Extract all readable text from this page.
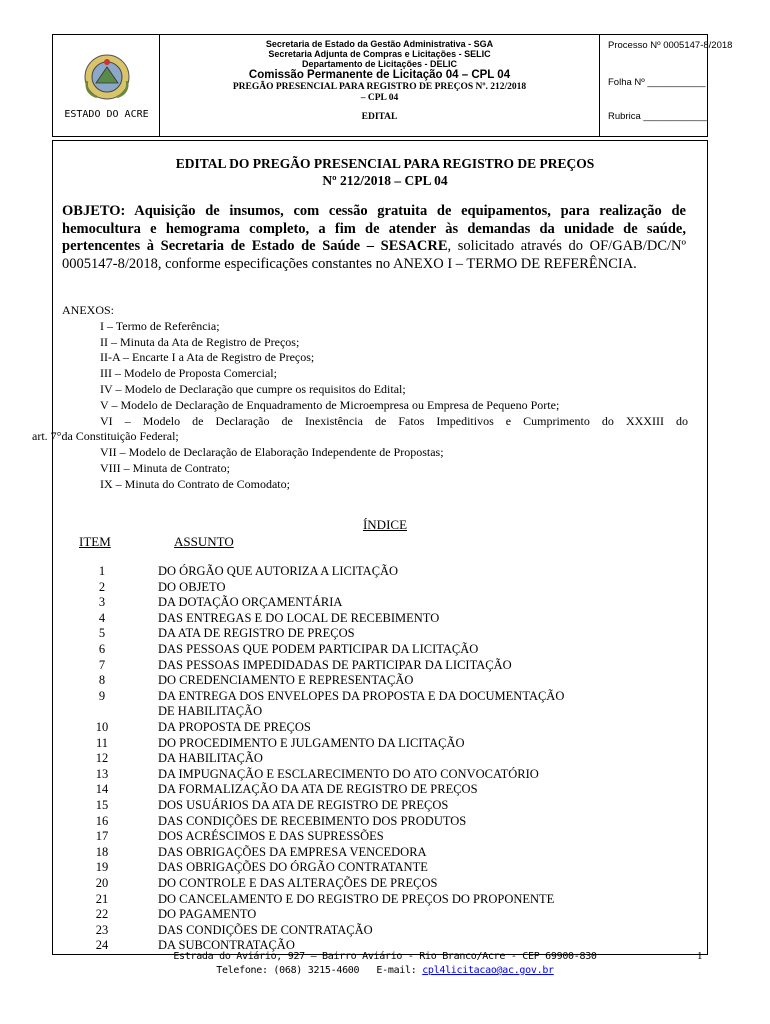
ESTADO DO ACRE
Secretaria de Estado da Gestão Administrativa - SGA
Secretaria Adjunta de Compras e Licitações - SELIC
Departamento de Licitações - DELIC
Comissão Permanente de Licitação 04 – CPL 04
PREGÃO PRESENCIAL PARA REGISTRO DE PREÇOS Nº. 212/2018
– CPL 04
EDITAL
Processo Nº 0005147-8/2018
Folha Nº ___________
Rubrica ____________
EDITAL DO PREGÃO PRESENCIAL PARA REGISTRO DE PREÇOS
Nº 212/2018 – CPL 04
OBJETO: Aquisição de insumos, com cessão gratuita de equipamentos, para realização de hemocultura e hemograma completo, a fim de atender às demandas da unidade de saúde, pertencentes à Secretaria de Estado de Saúde – SESACRE, solicitado através do OF/GAB/DC/Nº 0005147-8/2018, conforme especificações constantes no ANEXO I – TERMO DE REFERÊNCIA.
ANEXOS:
I – Termo de Referência;
II – Minuta da Ata de Registro de Preços;
II-A – Encarte I a Ata de Registro de Preços;
III – Modelo de Proposta Comercial;
IV – Modelo de Declaração que cumpre os requisitos do Edital;
V – Modelo de Declaração de Enquadramento de Microempresa ou Empresa de Pequeno Porte;
VI – Modelo de Declaração de Inexistência de Fatos Impeditivos e Cumprimento do XXXIII do
art. 7°da Constituição Federal;
VII – Modelo de Declaração de Elaboração Independente de Propostas;
VIII – Minuta de Contrato;
IX – Minuta do Contrato de Comodato;
ÍNDICE
ITEM	ASSUNTO
1	DO ÓRGÃO QUE AUTORIZA A LICITAÇÃO
2	DO OBJETO
3	DA DOTAÇÃO ORÇAMENTÁRIA
4	DAS ENTREGAS E DO LOCAL DE RECEBIMENTO
5	DA ATA DE REGISTRO DE PREÇOS
6	DAS PESSOAS QUE PODEM PARTICIPAR DA LICITAÇÃO
7	DAS PESSOAS IMPEDIDADAS DE PARTICIPAR DA LICITAÇÃO
8	DO CREDENCIAMENTO E REPRESENTAÇÃO
9	DA ENTREGA DOS ENVELOPES DA PROPOSTA E DA DOCUMENTAÇÃO
DE HABILITAÇÃO
10	DA PROPOSTA DE PREÇOS
11	DO PROCEDIMENTO E JULGAMENTO DA LICITAÇÃO
12	DA HABILITAÇÃO
13	DA IMPUGNAÇÃO E ESCLARECIMENTO DO ATO CONVOCATÓRIO
14	DA FORMALIZAÇÃO DA ATA DE REGISTRO DE PREÇOS
15	DOS USUÁRIOS DA ATA DE REGISTRO DE PREÇOS
16	DAS CONDIÇÕES DE RECEBIMENTO DOS PRODUTOS
17	DOS ACRÉSCIMOS E DAS SUPRESSÕES
18	DAS OBRIGAÇÕES DA EMPRESA VENCEDORA
19	DAS OBRIGAÇÕES DO ÓRGÃO CONTRATANTE
20	DO CONTROLE E DAS ALTERAÇÕES DE PREÇOS
21	DO CANCELAMENTO E DO REGISTRO DE PREÇOS DO PROPONENTE
22	DO PAGAMENTO
23	DAS CONDIÇÕES DE CONTRATAÇÃO
24	DA SUBCONTRATAÇÃO
Estrada do Aviário, 927 – Bairro Aviário - Rio Branco/Acre - CEP 69900-830
Telefone: (068) 3215-4600 E-mail: cpl4licitacao@ac.gov.br
1
